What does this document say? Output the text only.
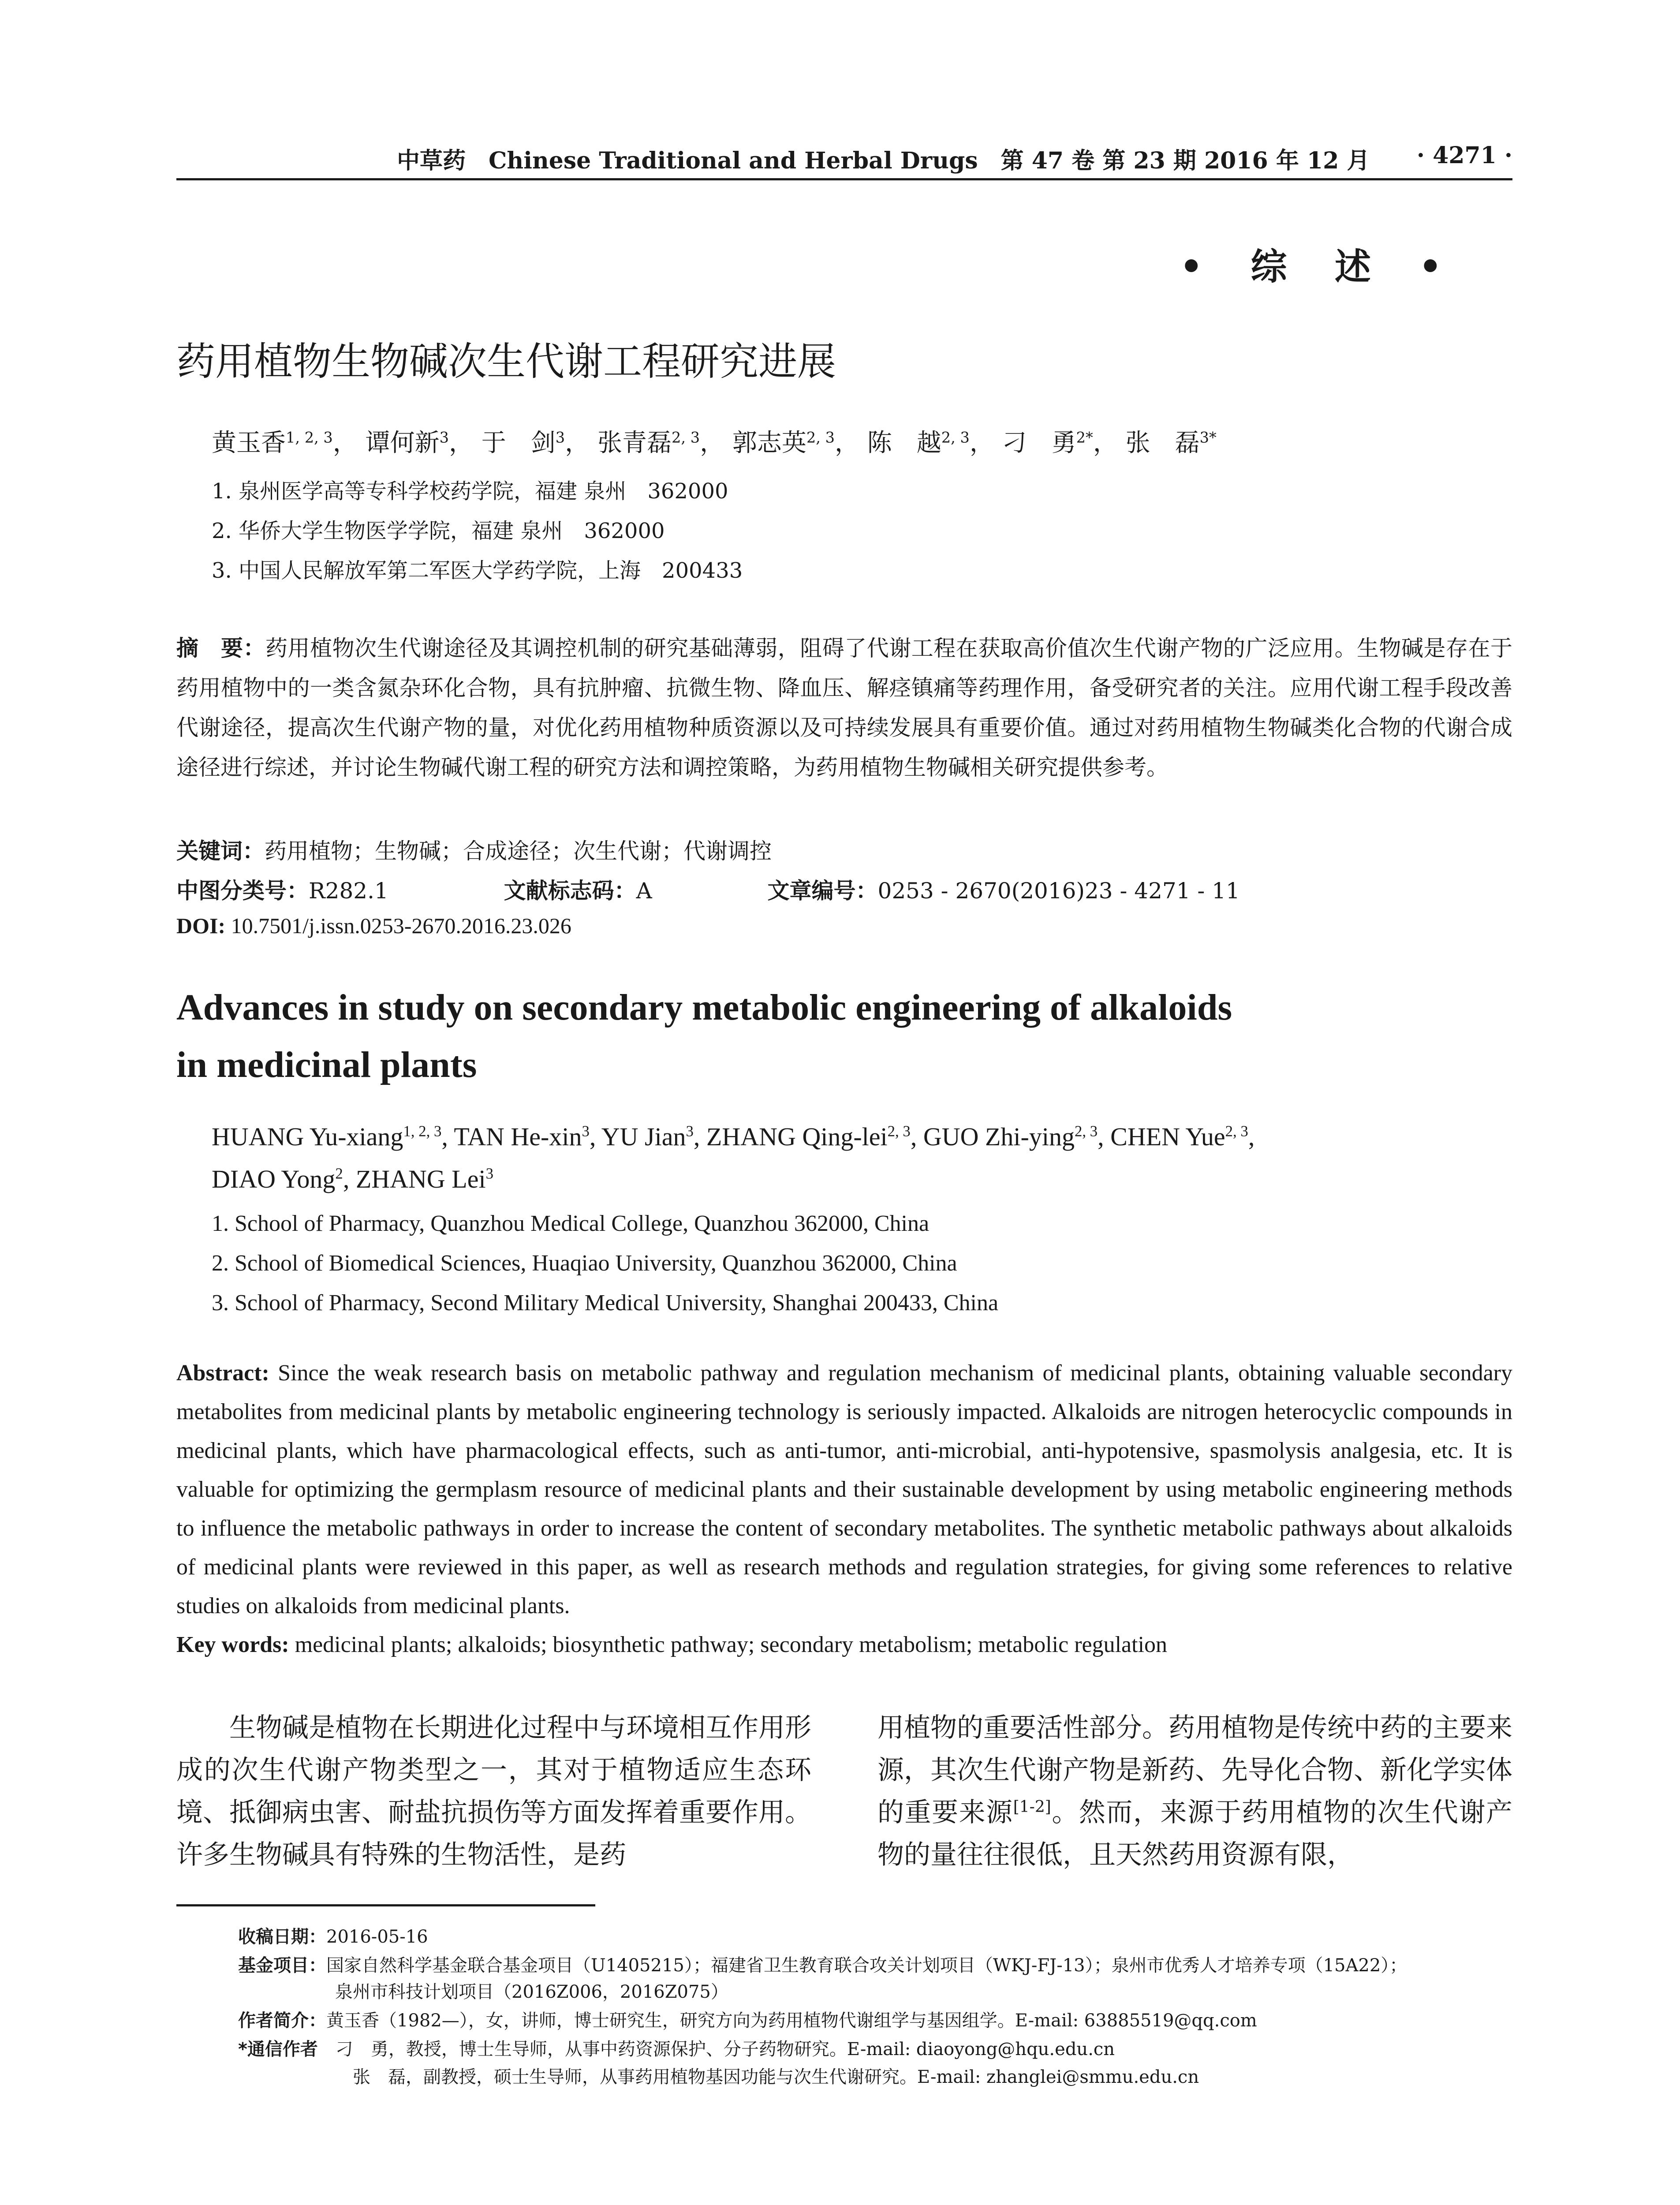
中草药　Chinese Traditional and Herbal Drugs　第 47 卷 第 23 期 2016 年 12 月	· 4271 ·
• 综 述 •
药用植物生物碱次生代谢工程研究进展
黄玉香$^{1, 2, 3}$， 谭何新$^3$， 于　剑$^3$， 张青磊$^{2, 3}$， 郭志英$^{2, 3}$， 陈　越$^{2, 3}$， 刁　勇$^{2*}$， 张　磊$^{3*}$
1. 泉州医学高等专科学校药学院，福建 泉州　362000
2. 华侨大学生物医学学院，福建 泉州　362000
3. 中国人民解放军第二军医大学药学院，上海　200433
摘　要：药用植物次生代谢途径及其调控机制的研究基础薄弱，阻碍了代谢工程在获取高价值次生代谢产物的广泛应用。生物碱是存在于药用植物中的一类含氮杂环化合物，具有抗肿瘤、抗微生物、降血压、解痉镇痛等药理作用，备受研究者的关注。应用代谢工程手段改善代谢途径，提高次生代谢产物的量，对优化药用植物种质资源以及可持续发展具有重要价值。通过对药用植物生物碱类化合物的代谢合成途径进行综述，并讨论生物碱代谢工程的研究方法和调控策略，为药用植物生物碱相关研究提供参考。
关键词：药用植物；生物碱；合成途径；次生代谢；代谢调控
中图分类号：R282.1	文献标志码：A	文章编号：0253 - 2670(2016)23 - 4271 - 11
DOI: 10.7501/j.issn.0253-2670.2016.23.026
Advances in study on secondary metabolic engineering of alkaloids
in medicinal plants
HUANG Yu-xiang$^{1, 2, 3}$, TAN He-xin$^3$, YU Jian$^3$, ZHANG Qing-lei$^{2, 3}$, GUO Zhi-ying$^{2, 3}$, CHEN Yue$^{2, 3}$,
DIAO Yong$^2$, ZHANG Lei$^3$
1. School of Pharmacy, Quanzhou Medical College, Quanzhou 362000, China
2. School of Biomedical Sciences, Huaqiao University, Quanzhou 362000, China
3. School of Pharmacy, Second Military Medical University, Shanghai 200433, China
Abstract: Since the weak research basis on metabolic pathway and regulation mechanism of medicinal plants, obtaining valuable secondary metabolites from medicinal plants by metabolic engineering technology is seriously impacted. Alkaloids are nitrogen heterocyclic compounds in medicinal plants, which have pharmacological effects, such as anti-tumor, anti-microbial, anti-hypotensive, spasmolysis analgesia, etc. It is valuable for optimizing the germplasm resource of medicinal plants and their sustainable development by using metabolic engineering methods to influence the metabolic pathways in order to increase the content of secondary metabolites. The synthetic metabolic pathways about alkaloids of medicinal plants were reviewed in this paper, as well as research methods and regulation strategies, for giving some references to relative studies on alkaloids from medicinal plants.
Key words: medicinal plants; alkaloids; biosynthetic pathway; secondary metabolism; metabolic regulation
生物碱是植物在长期进化过程中与环境相互作用形成的次生代谢产物类型之一，其对于植物适应生态环境、抵御病虫害、耐盐抗损伤等方面发挥着重要作用。许多生物碱具有特殊的生物活性，是药
用植物的重要活性部分。药用植物是传统中药的主要来源，其次生代谢产物是新药、先导化合物、新化学实体的重要来源[1-2]。然而，来源于药用植物的次生代谢产物的量往往很低，且天然药用资源有限，
收稿日期：2016-05-16
基金项目：国家自然科学基金联合基金项目（U1405215）；福建省卫生教育联合攻关计划项目（WKJ-FJ-13）；泉州市优秀人才培养专项（15A22）；
泉州市科技计划项目（2016Z006，2016Z075）
作者简介：黄玉香（1982—），女，讲师，博士研究生，研究方向为药用植物代谢组学与基因组学。E-mail: 63885519@qq.com
*通信作者 刁　勇，教授，博士生导师，从事中药资源保护、分子药物研究。E-mail: diaoyong@hqu.edu.cn
张　磊，副教授，硕士生导师，从事药用植物基因功能与次生代谢研究。E-mail: zhanglei@smmu.edu.cn
